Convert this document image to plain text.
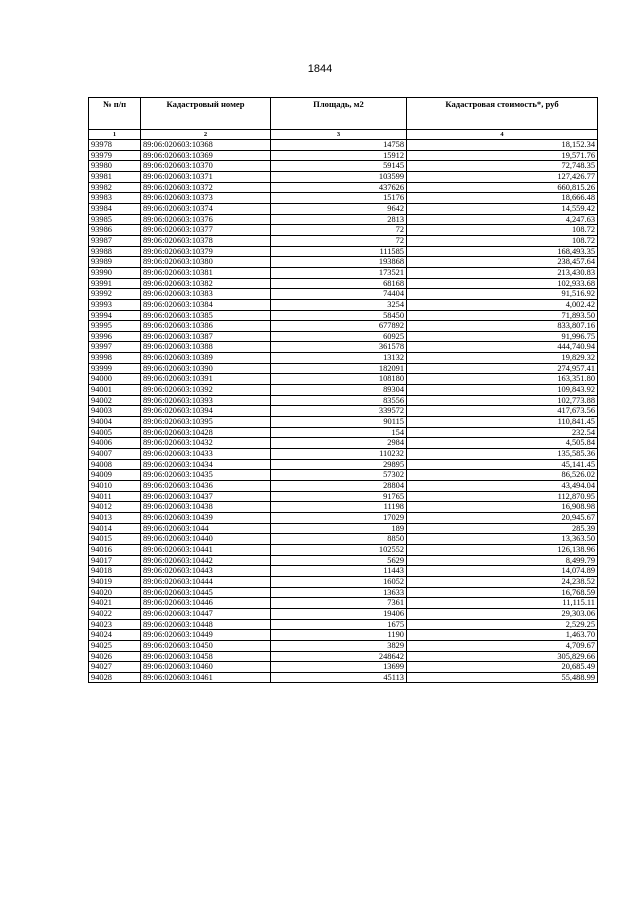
1844
№ п/п	Кадастровый номер	Площадь, м2	Кадастровая стоимость*, руб
1	2	3	4
93978	89:06:020603:10368	14758	18,152.34
93979	89:06:020603:10369	15912	19,571.76
93980	89:06:020603:10370	59145	72,748.35
93981	89:06:020603:10371	103599	127,426.77
93982	89:06:020603:10372	437626	660,815.26
93983	89:06:020603:10373	15176	18,666.48
93984	89:06:020603:10374	9642	14,559.42
93985	89:06:020603:10376	2813	4,247.63
93986	89:06:020603:10377	72	108.72
93987	89:06:020603:10378	72	108.72
93988	89:06:020603:10379	111585	168,493.35
93989	89:06:020603:10380	193868	238,457.64
93990	89:06:020603:10381	173521	213,430.83
93991	89:06:020603:10382	68168	102,933.68
93992	89:06:020603:10383	74404	91,516.92
93993	89:06:020603:10384	3254	4,002.42
93994	89:06:020603:10385	58450	71,893.50
93995	89:06:020603:10386	677892	833,807.16
93996	89:06:020603:10387	60925	91,996.75
93997	89:06:020603:10388	361578	444,740.94
93998	89:06:020603:10389	13132	19,829.32
93999	89:06:020603:10390	182091	274,957.41
94000	89:06:020603:10391	108180	163,351.80
94001	89:06:020603:10392	89304	109,843.92
94002	89:06:020603:10393	83556	102,773.88
94003	89:06:020603:10394	339572	417,673.56
94004	89:06:020603:10395	90115	110,841.45
94005	89:06:020603:10428	154	232.54
94006	89:06:020603:10432	2984	4,505.84
94007	89:06:020603:10433	110232	135,585.36
94008	89:06:020603:10434	29895	45,141.45
94009	89:06:020603:10435	57302	86,526.02
94010	89:06:020603:10436	28804	43,494.04
94011	89:06:020603:10437	91765	112,870.95
94012	89:06:020603:10438	11198	16,908.98
94013	89:06:020603:10439	17029	20,945.67
94014	89:06:020603:1044	189	285.39
94015	89:06:020603:10440	8850	13,363.50
94016	89:06:020603:10441	102552	126,138.96
94017	89:06:020603:10442	5629	8,499.79
94018	89:06:020603:10443	11443	14,074.89
94019	89:06:020603:10444	16052	24,238.52
94020	89:06:020603:10445	13633	16,768.59
94021	89:06:020603:10446	7361	11,115.11
94022	89:06:020603:10447	19406	29,303.06
94023	89:06:020603:10448	1675	2,529.25
94024	89:06:020603:10449	1190	1,463.70
94025	89:06:020603:10450	3829	4,709.67
94026	89:06:020603:10458	248642	305,829.66
94027	89:06:020603:10460	13699	20,685.49
94028	89:06:020603:10461	45113	55,488.99
